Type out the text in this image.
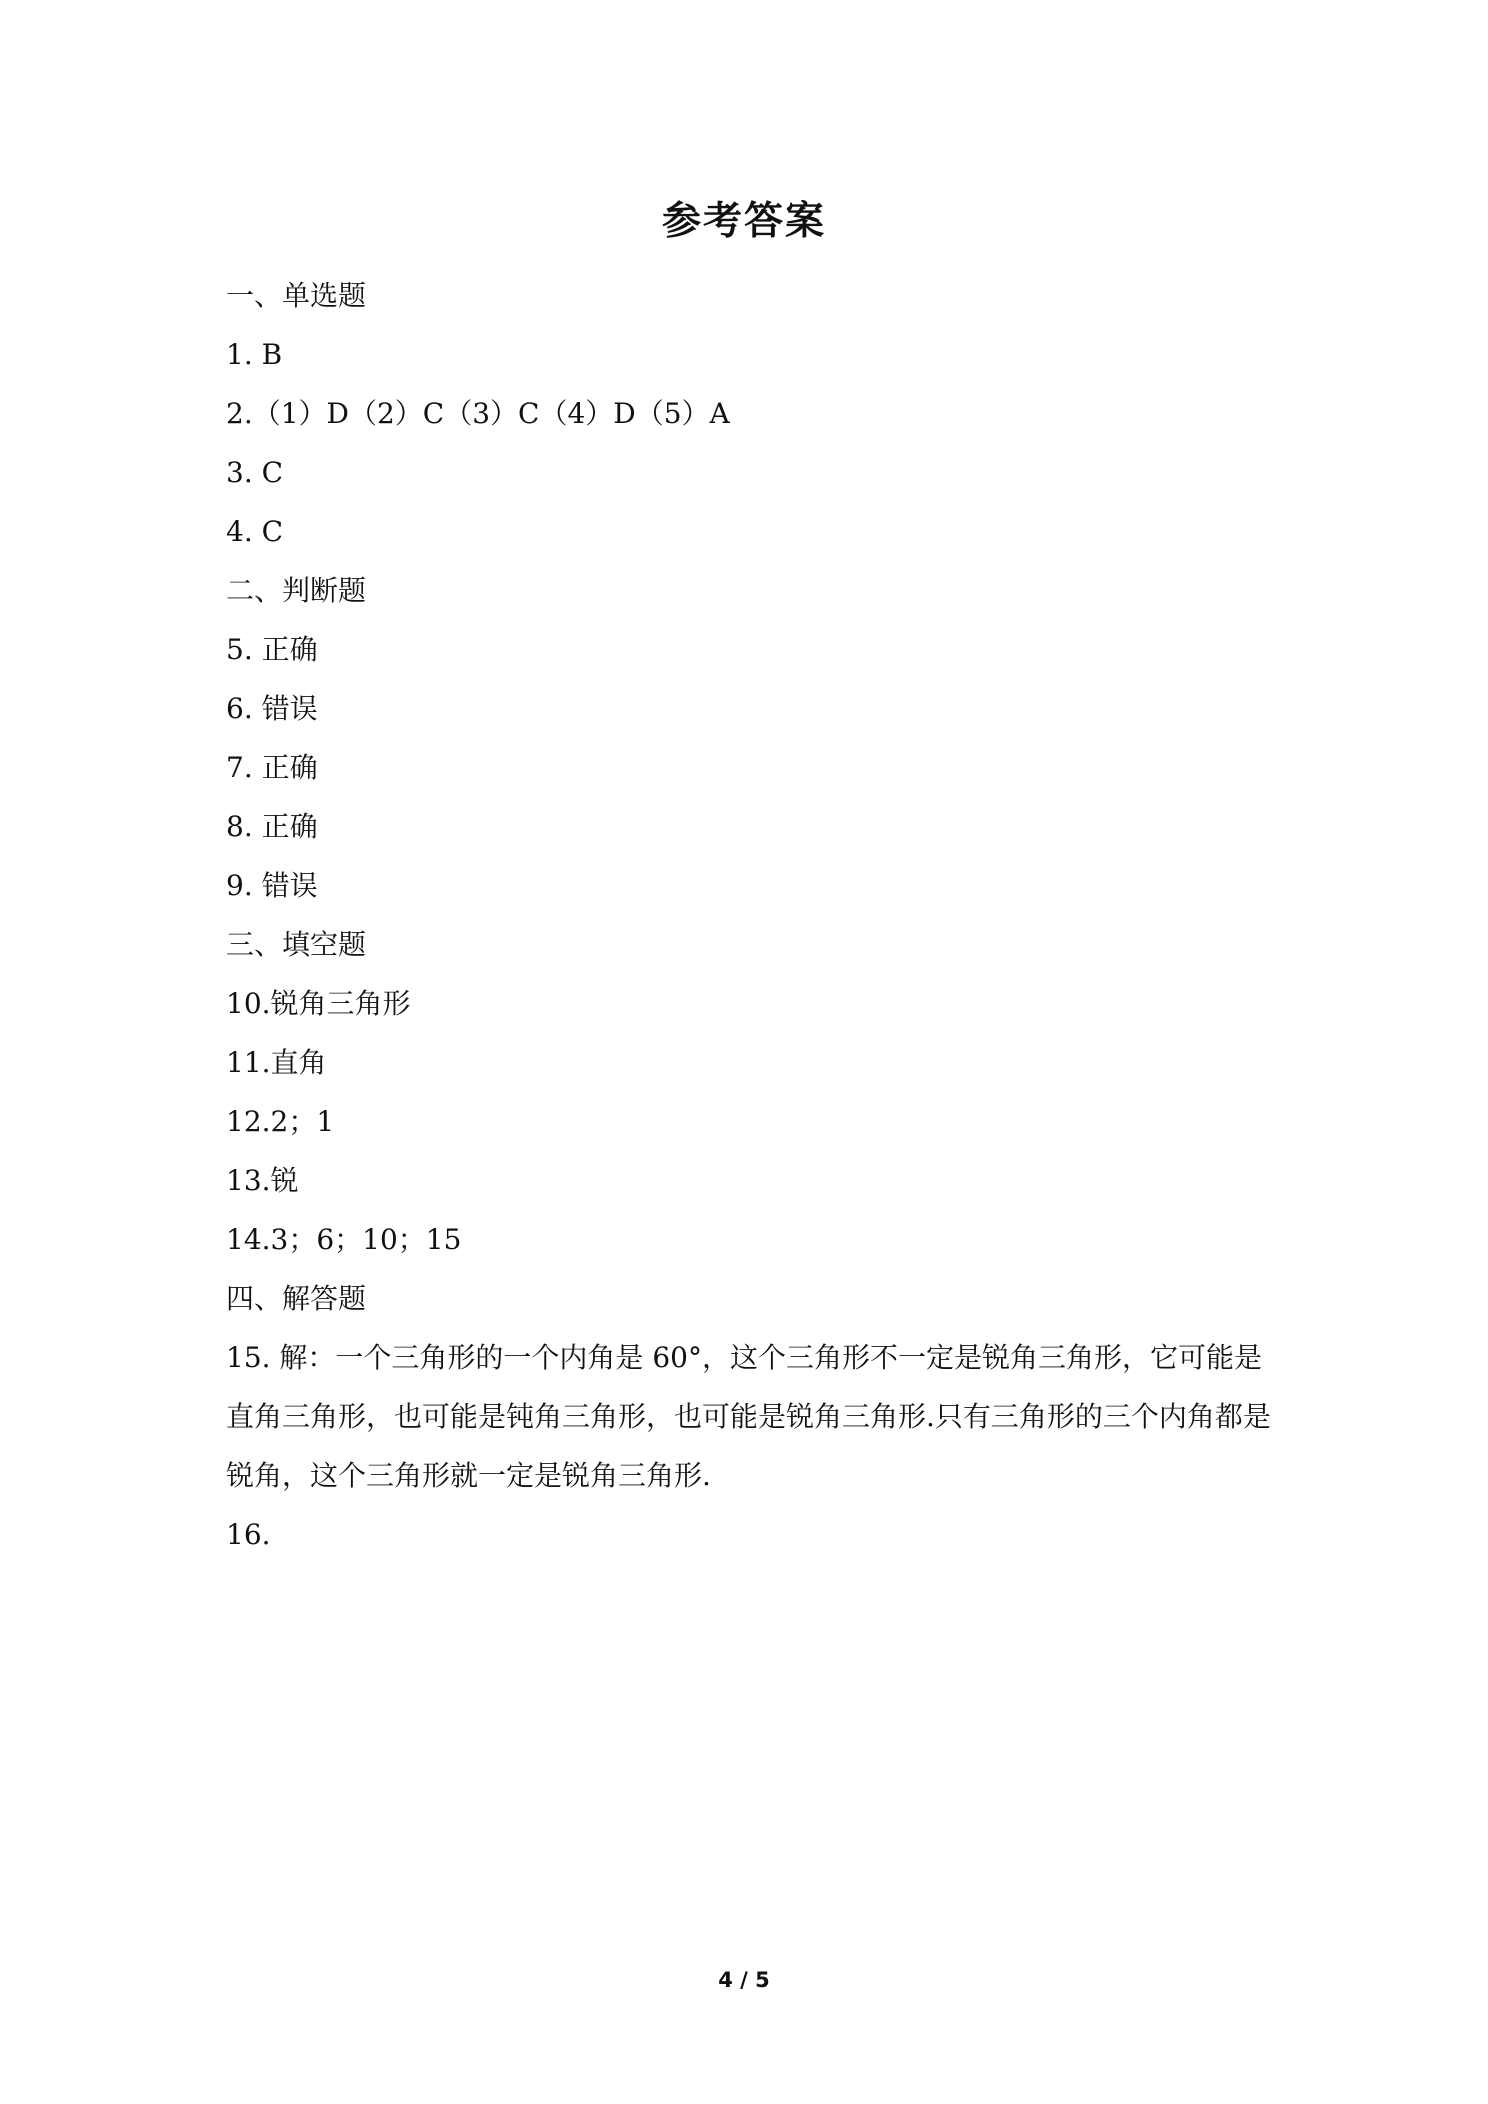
参考答案
一、单选题
1. B
2.（1）D（2）C（3）C（4）D（5）A
3. C
4. C
二、判断题
5. 正确
6. 错误
7. 正确
8. 正确
9. 错误
三、填空题
10.锐角三角形
11.直角
12.2；1
13.锐
14.3；6；10；15
四、解答题
15. 解：一个三角形的一个内角是 60°，这个三角形不一定是锐角三角形，它可能是直角三角形，也可能是钝角三角形，也可能是锐角三角形.只有三角形的三个内角都是锐角，这个三角形就一定是锐角三角形.
16.
4 / 5
